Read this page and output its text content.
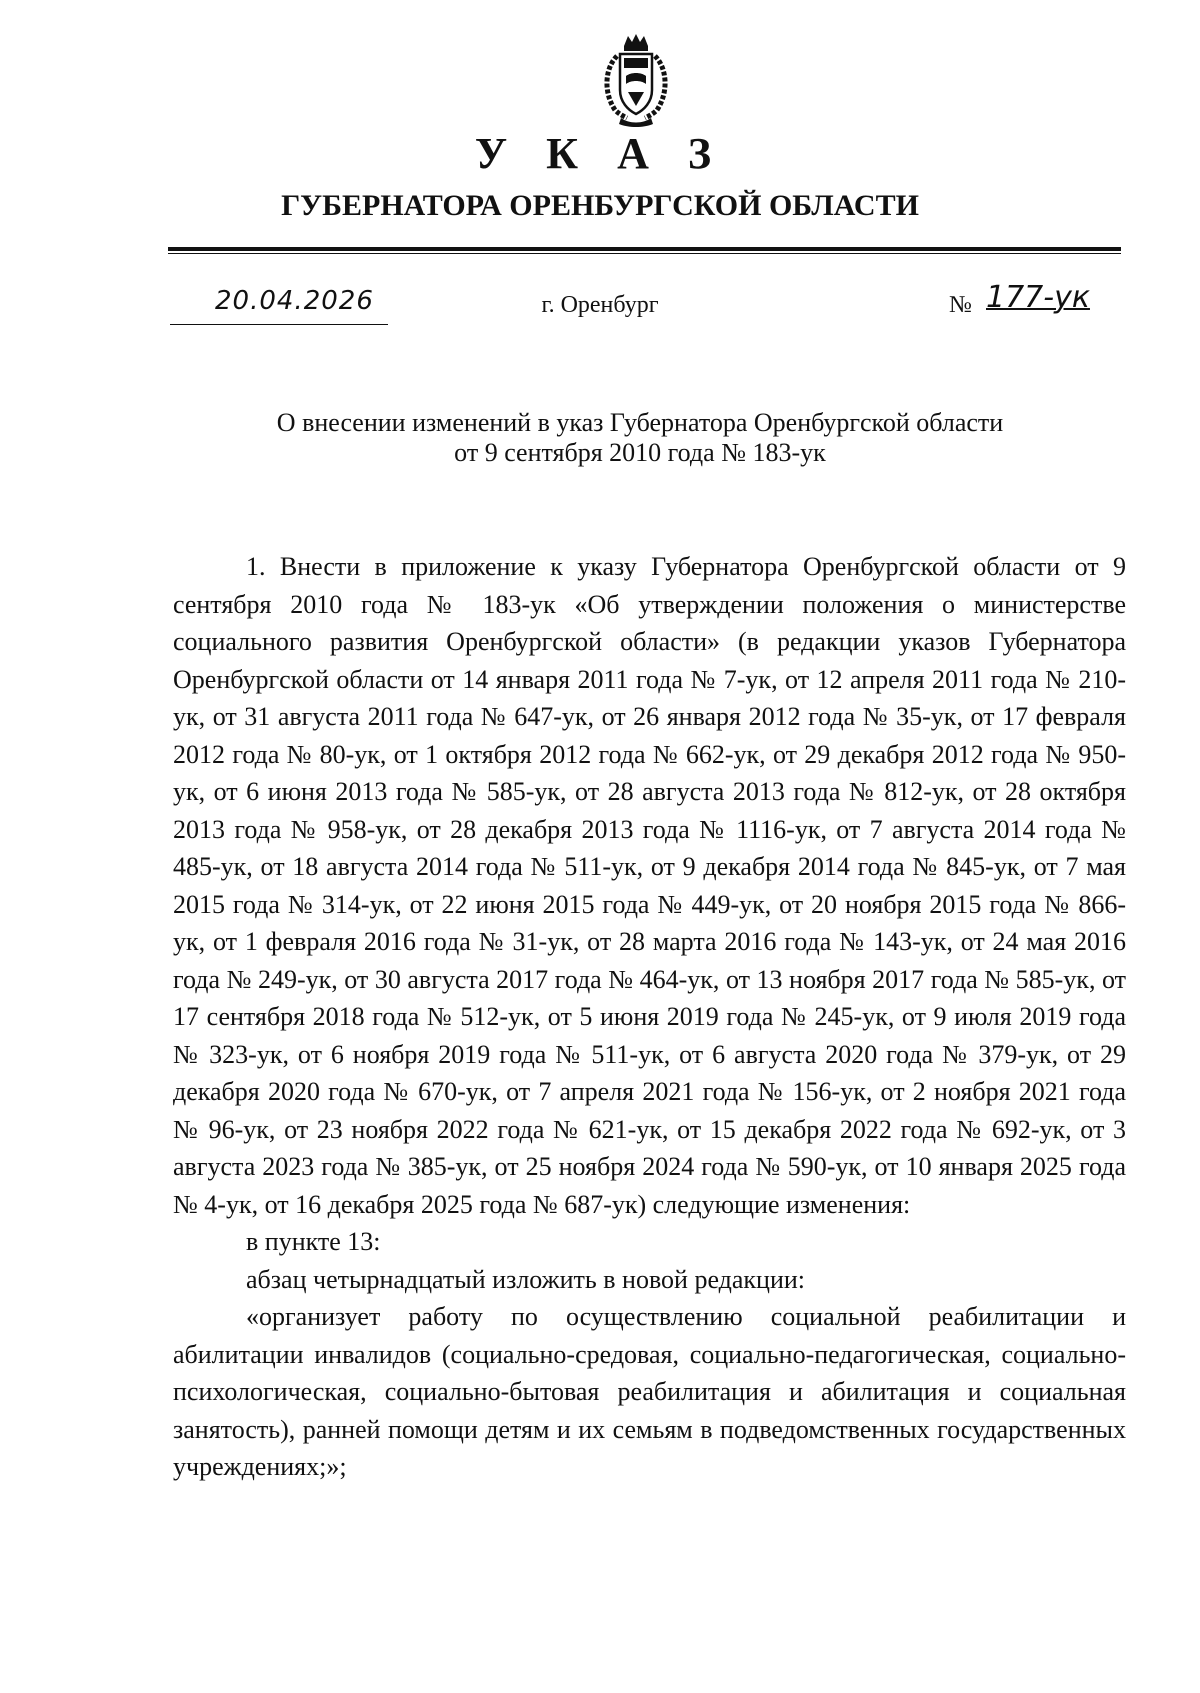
У К А З
ГУБЕРНАТОРА ОРЕНБУРГСКОЙ ОБЛАСТИ
20.04.2026	г. Оренбург	№ 177-ук
О внесении изменений в указ Губернатора Оренбургской области
от 9 сентября 2010 года № 183-ук

1. Внести в приложение к указу Губернатора Оренбургской области от 9 сентября 2010 года № 183-ук «Об утверждении положения о министерстве социального развития Оренбургской области» (в редакции указов Губернатора Оренбургской области от 14 января 2011 года № 7-ук, от 12 апреля 2011 года № 210-ук, от 31 августа 2011 года № 647-ук, от 26 января 2012 года № 35-ук, от 17 февраля 2012 года № 80-ук, от 1 октября 2012 года № 662-ук, от 29 декабря 2012 года № 950-ук, от 6 июня 2013 года № 585-ук, от 28 августа 2013 года № 812-ук, от 28 октября 2013 года № 958-ук, от 28 декабря 2013 года № 1116-ук, от 7 августа 2014 года № 485-ук, от 18 августа 2014 года № 511-ук, от 9 декабря 2014 года № 845-ук, от 7 мая 2015 года № 314-ук, от 22 июня 2015 года № 449-ук, от 20 ноября 2015 года № 866-ук, от 1 февраля 2016 года № 31-ук, от 28 марта 2016 года № 143-ук, от 24 мая 2016 года № 249-ук, от 30 августа 2017 года № 464-ук, от 13 ноября 2017 года № 585-ук, от 17 сентября 2018 года № 512-ук, от 5 июня 2019 года № 245-ук, от 9 июля 2019 года № 323-ук, от 6 ноября 2019 года № 511-ук, от 6 августа 2020 года № 379-ук, от 29 декабря 2020 года № 670-ук, от 7 апреля 2021 года № 156-ук, от 2 ноября 2021 года № 96-ук, от 23 ноября 2022 года № 621-ук, от 15 декабря 2022 года № 692-ук, от 3 августа 2023 года № 385-ук, от 25 ноября 2024 года № 590-ук, от 10 января 2025 года № 4-ук, от 16 декабря 2025 года № 687-ук) следующие изменения:

в пункте 13:

абзац четырнадцатый изложить в новой редакции:

«организует работу по осуществлению социальной реабилитации и абилитации инвалидов (социально-средовая, социально-педагогическая, социально-психологическая, социально-бытовая реабилитация и абилитация и социальная занятость), ранней помощи детям и их семьям в подведомственных государственных учреждениях;»;
